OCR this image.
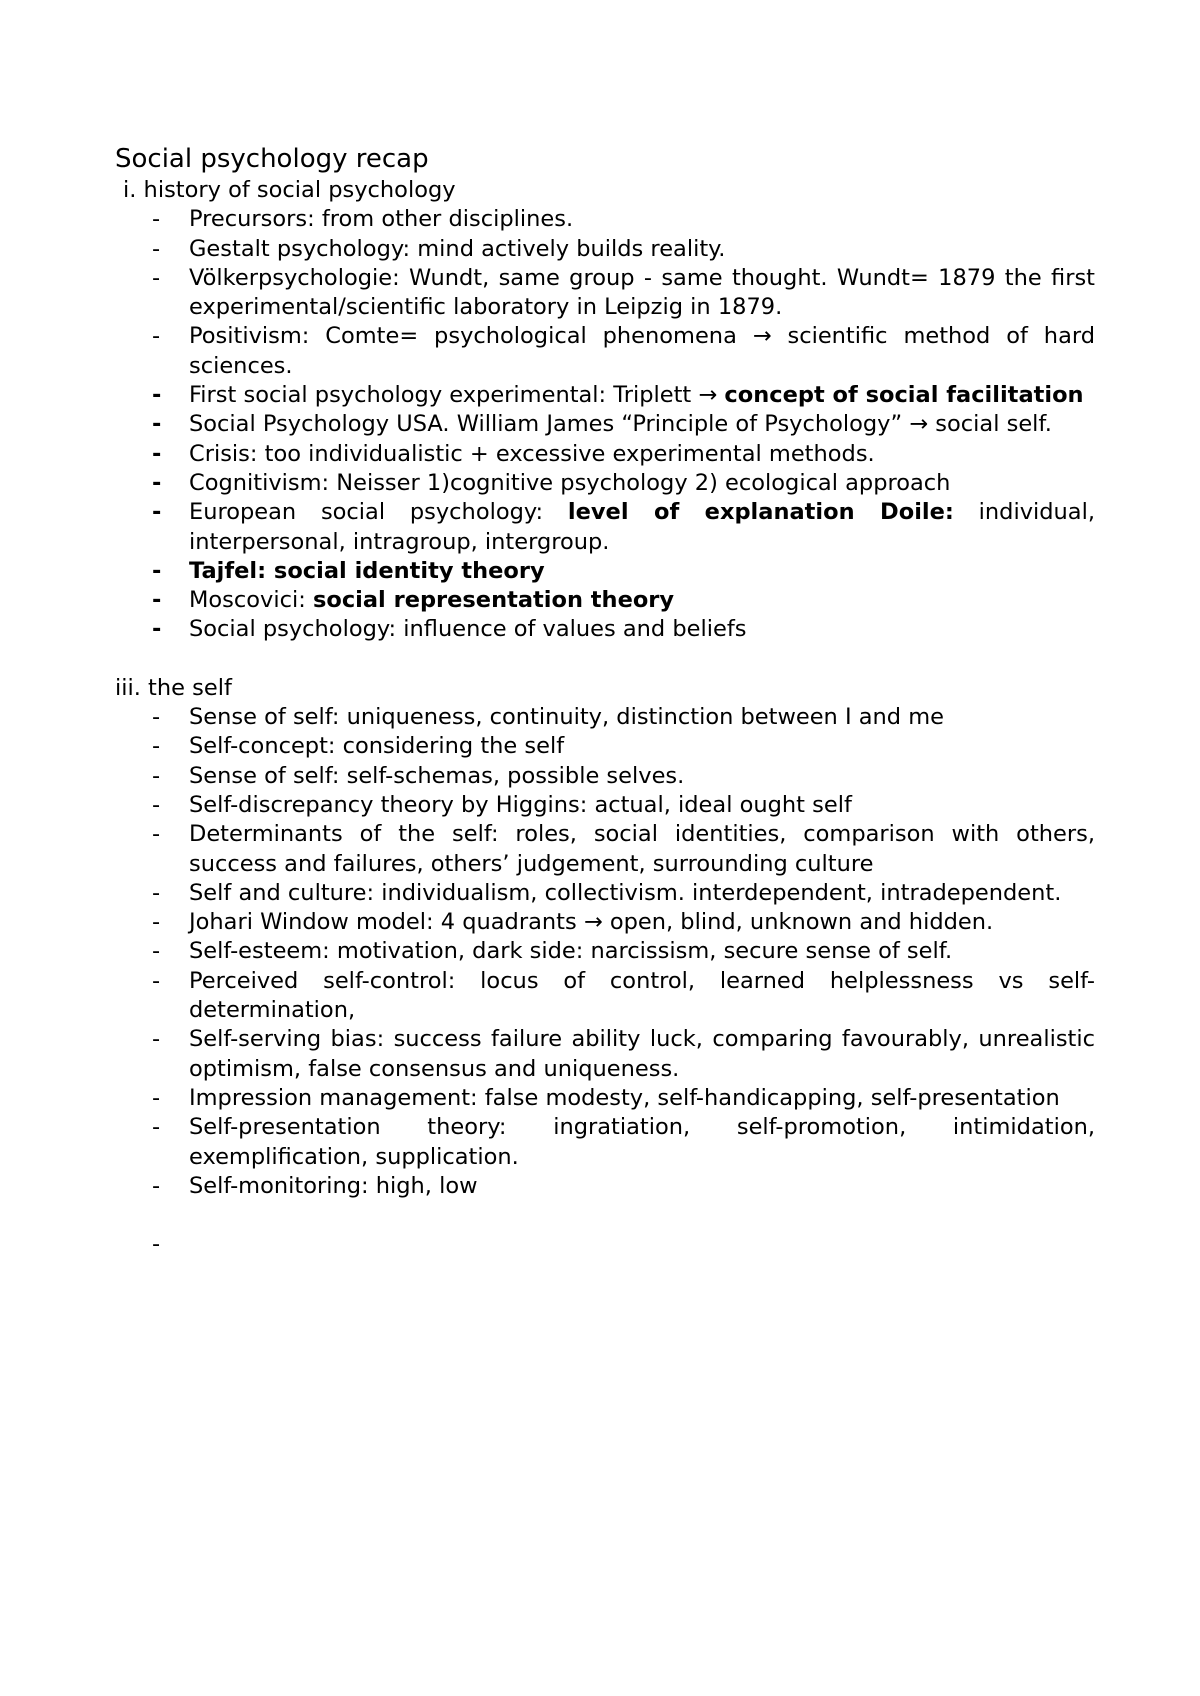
Social psychology recap

i. history of social psychology

- Precursors: from other disciplines.
- Gestalt psychology: mind actively builds reality.
- Völkerpsychologie: Wundt, same group - same thought. Wundt= 1879 the first experimental/scientific laboratory in Leipzig in 1879.
- Positivism: Comte= psychological phenomena → scientific method of hard sciences.
- First social psychology experimental: Triplett → concept of social facilitation
- Social Psychology USA. William James “Principle of Psychology” → social self.
- Crisis: too individualistic + excessive experimental methods.
- Cognitivism: Neisser 1)cognitive psychology 2) ecological approach
- European social psychology: level of explanation Doile: individual, interpersonal, intragroup, intergroup.
- Tajfel: social identity theory
- Moscovici: social representation theory
- Social psychology: influence of values and beliefs

iii. the self

- Sense of self: uniqueness, continuity, distinction between I and me
- Self-concept: considering the self
- Sense of self: self-schemas, possible selves.
- Self-discrepancy theory by Higgins: actual, ideal ought self
- Determinants of the self: roles, social identities, comparison with others, success and failures, others’ judgement, surrounding culture
- Self and culture: individualism, collectivism. interdependent, intradependent.
- Johari Window model: 4 quadrants → open, blind, unknown and hidden.
- Self-esteem: motivation, dark side: narcissism, secure sense of self.
- Perceived self-control: locus of control, learned helplessness vs self-determination,
- Self-serving bias: success failure ability luck, comparing favourably, unrealistic optimism, false consensus and uniqueness.
- Impression management: false modesty, self-handicapping, self-presentation
- Self-presentation theory: ingratiation, self-promotion, intimidation, exemplification, supplication.
- Self-monitoring: high, low
-
